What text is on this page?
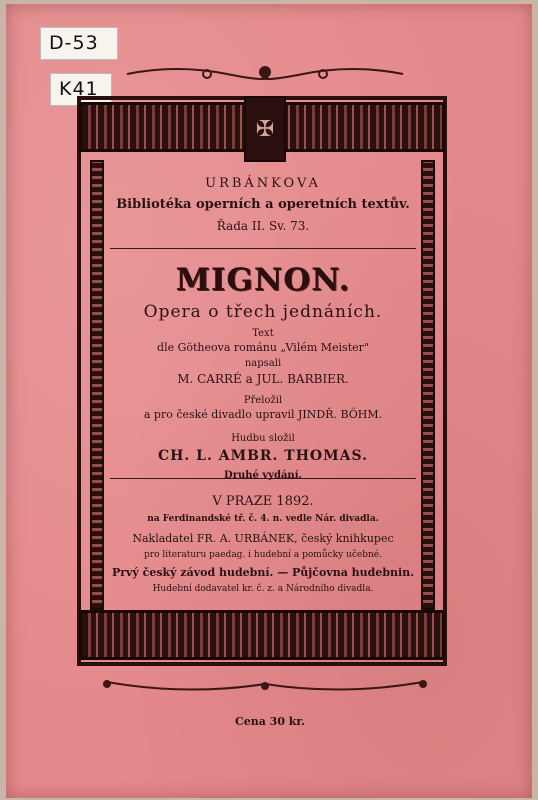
D-53
K41
✠
URBÁNKOVA
Bibliotéka operních a operetních textův.
Řada II. Sv. 73.
MIGNON.
Opera o třech jednáních.
Text
dle Götheova románu „Vilém Meister"
napsali
M. CARRÉ a JUL. BARBIER.
Přeložil
a pro české divadlo upravil JINDŘ. BÖHM.
Hudbu složil
CH. L. AMBR. THOMAS.
Druhé vydání.
V PRAZE 1892.
na Ferdinandské tř. č. 4. n. vedle Nár. divadla.
Nakladatel FR. A. URBÁNEK, český knihkupec
pro literaturu paedag. i hudební a pomůcky učebné.
Prvý český závod hudební. — Půjčovna hudebnin.
Hudební dodavatel kr. č. z. a Národního divadla.
Cena 30 kr.
